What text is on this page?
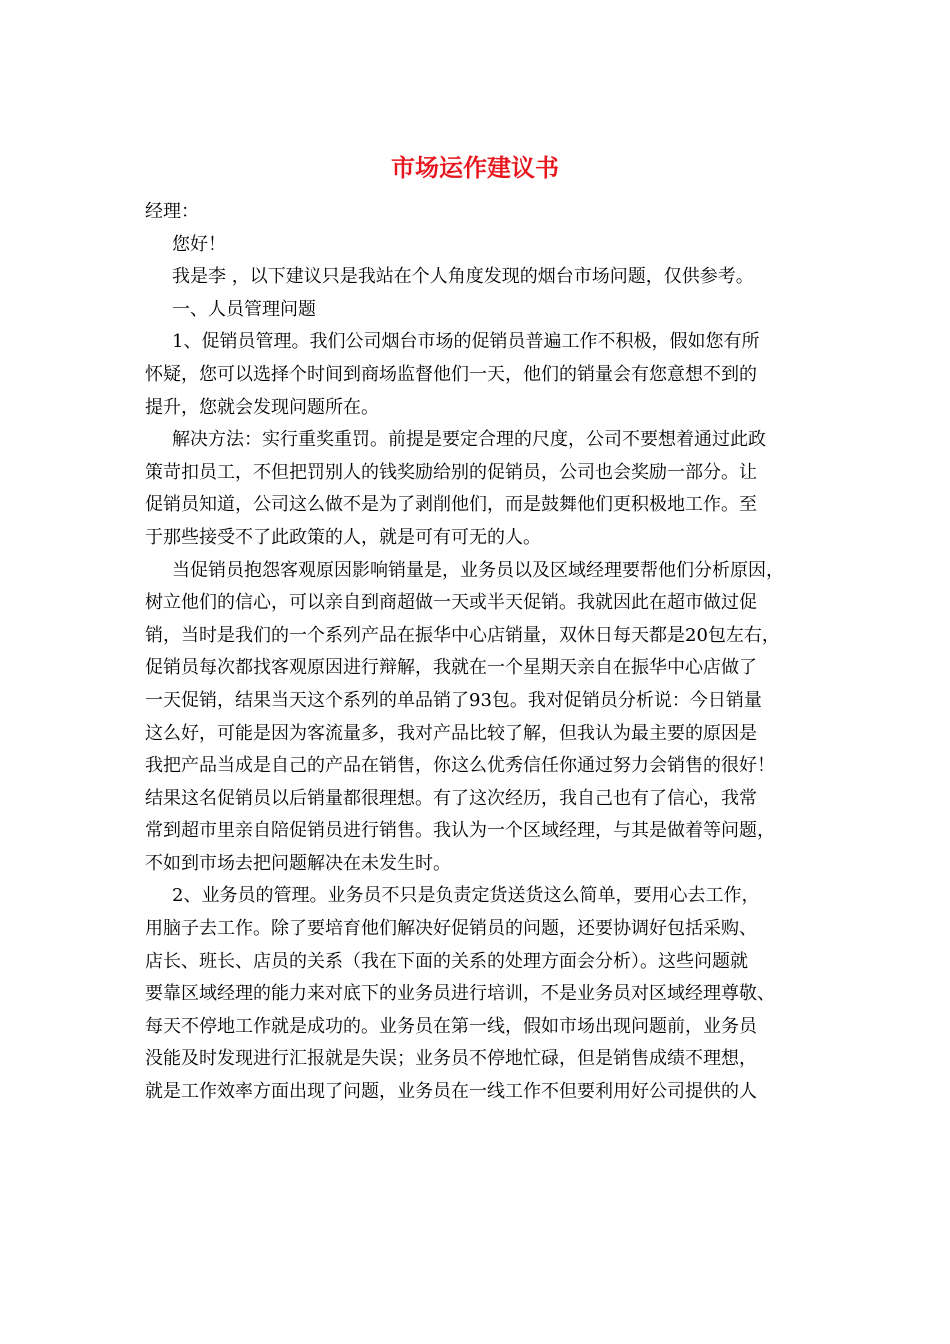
市场运作建议书
经理：
您好！
我是李 ，以下建议只是我站在个人角度发现的烟台市场问题，仅供参考。
一、人员管理问题
1、促销员管理。我们公司烟台市场的促销员普遍工作不积极，假如您有所
怀疑，您可以选择个时间到商场监督他们一天，他们的销量会有您意想不到的
提升，您就会发现问题所在。
解决方法：实行重奖重罚。前提是要定合理的尺度，公司不要想着通过此政
策苛扣员工，不但把罚别人的钱奖励给别的促销员，公司也会奖励一部分。让
促销员知道，公司这么做不是为了剥削他们，而是鼓舞他们更积极地工作。至
于那些接受不了此政策的人，就是可有可无的人。
当促销员抱怨客观原因影响销量是，业务员以及区域经理要帮他们分析原因，
树立他们的信心，可以亲自到商超做一天或半天促销。我就因此在超市做过促
销，当时是我们的一个系列产品在振华中心店销量，双休日每天都是20包左右，
促销员每次都找客观原因进行辩解，我就在一个星期天亲自在振华中心店做了
一天促销，结果当天这个系列的单品销了93包。我对促销员分析说：今日销量
这么好，可能是因为客流量多，我对产品比较了解，但我认为最主要的原因是
我把产品当成是自己的产品在销售，你这么优秀信任你通过努力会销售的很好！
结果这名促销员以后销量都很理想。有了这次经历，我自己也有了信心，我常
常到超市里亲自陪促销员进行销售。我认为一个区域经理，与其是做着等问题，
不如到市场去把问题解决在未发生时。
2、业务员的管理。业务员不只是负责定货送货这么简单，要用心去工作，
用脑子去工作。除了要培育他们解决好促销员的问题，还要协调好包括采购、
店长、班长、店员的关系（我在下面的关系的处理方面会分析）。这些问题就
要靠区域经理的能力来对底下的业务员进行培训，不是业务员对区域经理尊敬、
每天不停地工作就是成功的。业务员在第一线，假如市场出现问题前，业务员
没能及时发现进行汇报就是失误；业务员不停地忙碌，但是销售成绩不理想，
就是工作效率方面出现了问题，业务员在一线工作不但要利用好公司提供的人
